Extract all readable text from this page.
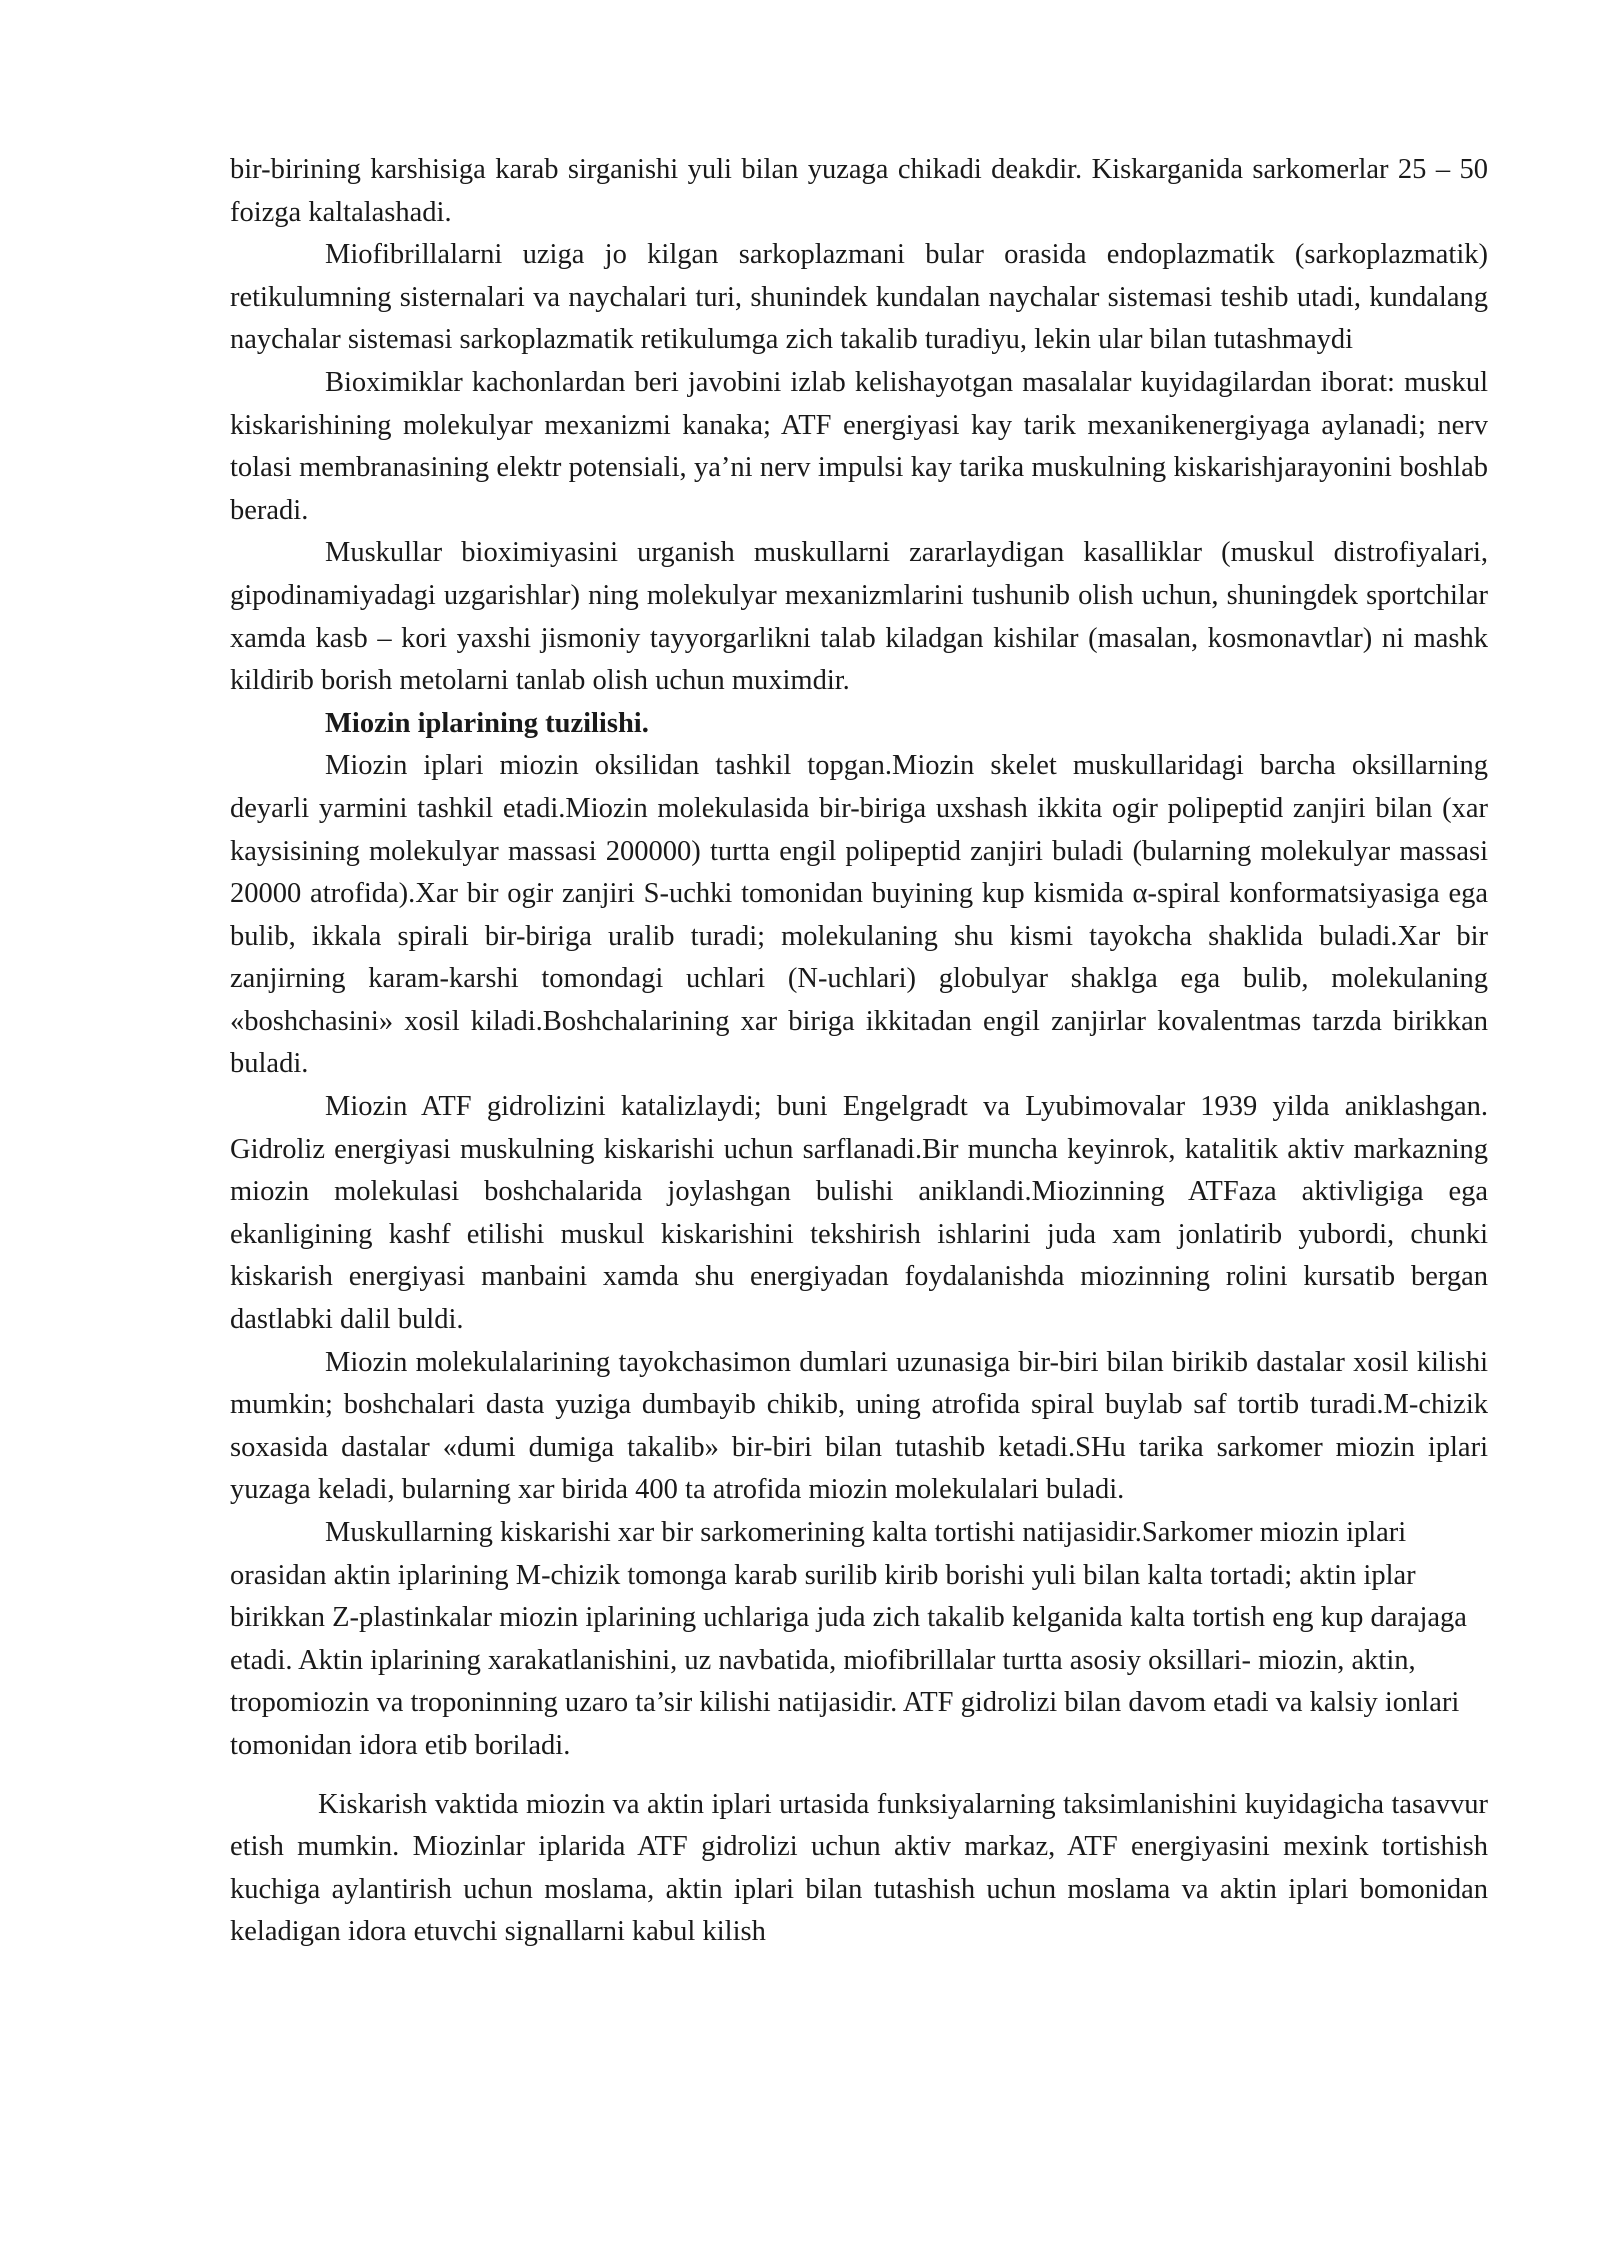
bir-birining karshisiga karab sirganishi yuli bilan yuzaga chikadi deakdir. Kiskarganida sarkomerlar 25 – 50 foizga kaltalashadi.

Miofibrillalarni uziga jo kilgan sarkoplazmani bular orasida endoplazmatik (sarkoplazmatik) retikulumning sisternalari va naychalari turi, shunindek kundalan naychalar sistemasi teshib utadi, kundalang naychalar sistemasi sarkoplazmatik retikulumga zich takalib turadiyu, lekin ular bilan tutashmaydi

Bioximiklar kachonlardan beri javobini izlab kelishayotgan masalalar kuyidagilardan iborat: muskul kiskarishining molekulyar mexanizmi kanaka; ATF energiyasi kay tarik mexanikenergiyaga aylanadi; nerv tolasi membranasining elektr potensiali, ya’ni nerv impulsi kay tarika muskulning kiskarishjarayonini boshlab beradi.

Muskullar bioximiyasini urganish muskullarni zararlaydigan kasalliklar (muskul distrofiyalari, gipodinamiyadagi uzgarishlar) ning molekulyar mexanizmlarini tushunib olish uchun, shuningdek sportchilar xamda kasb – kori yaxshi jismoniy tayyorgarlikni talab kiladgan kishilar (masalan, kosmonavtlar) ni mashk kildirib borish metolarni tanlab olish uchun muximdir.

Miozin iplarining tuzilishi.

Miozin iplari miozin oksilidan tashkil topgan.Miozin skelet muskullaridagi barcha oksillarning deyarli yarmini tashkil etadi.Miozin molekulasida bir-biriga uxshash ikkita ogir polipeptid zanjiri bilan (xar kaysisining molekulyar massasi 200000) turtta engil polipeptid zanjiri buladi (bularning molekulyar massasi 20000 atrofida).Xar bir ogir zanjiri S-uchki tomonidan buyining kup kismida α-spiral konformatsiyasiga ega bulib, ikkala spirali bir-biriga uralib turadi; molekulaning shu kismi tayokcha shaklida buladi.Xar bir zanjirning karam-karshi tomondagi uchlari (N-uchlari) globulyar shaklga ega bulib, molekulaning «boshchasini» xosil kiladi.Boshchalarining xar biriga ikkitadan engil zanjirlar kovalentmas tarzda birikkan buladi.

Miozin ATF gidrolizini katalizlaydi; buni Engelgradt va Lyubimovalar 1939 yilda aniklashgan. Gidroliz energiyasi muskulning kiskarishi uchun sarflanadi.Bir muncha keyinrok, katalitik aktiv markazning miozin molekulasi boshchalarida joylashgan bulishi aniklandi.Miozinning ATFaza aktivligiga ega ekanligining kashf etilishi muskul kiskarishini tekshirish ishlarini juda xam jonlatirib yubordi, chunki kiskarish energiyasi manbaini xamda shu energiyadan foydalanishda miozinning rolini kursatib bergan dastlabki dalil buldi.

Miozin molekulalarining tayokchasimon dumlari uzunasiga bir-biri bilan birikib dastalar xosil kilishi mumkin; boshchalari dasta yuziga dumbayib chikib, uning atrofida spiral buylab saf tortib turadi.M-chizik soxasida dastalar «dumi dumiga takalib» bir-biri bilan tutashib ketadi.SHu tarika sarkomer miozin iplari yuzaga keladi, bularning xar birida 400 ta atrofida miozin molekulalari buladi.

Muskullarning kiskarishi xar bir sarkomerining kalta tortishi natijasidir.Sarkomer miozin iplari orasidan aktin iplarining M-chizik tomonga karab surilib kirib borishi yuli bilan kalta tortadi; aktin iplar birikkan Z-plastinkalar miozin iplarining uchlariga juda zich takalib kelganida kalta tortish eng kup darajaga etadi. Aktin iplarining xarakatlanishini, uz navbatida, miofibrillalar turtta asosiy oksillari- miozin, aktin, tropomiozin va troponinning uzaro ta’sir kilishi natijasidir. ATF gidrolizi bilan davom etadi va kalsiy ionlari tomonidan idora etib boriladi.

Kiskarish vaktida miozin va aktin iplari urtasida funksiyalarning taksimlanishini kuyidagicha tasavvur etish mumkin. Miozinlar iplarida ATF gidrolizi uchun aktiv markaz, ATF energiyasini mexink tortishish kuchiga aylantirish uchun moslama, aktin iplari bilan tutashish uchun moslama va aktin iplari bomonidan keladigan idora etuvchi signallarni kabul kilish
